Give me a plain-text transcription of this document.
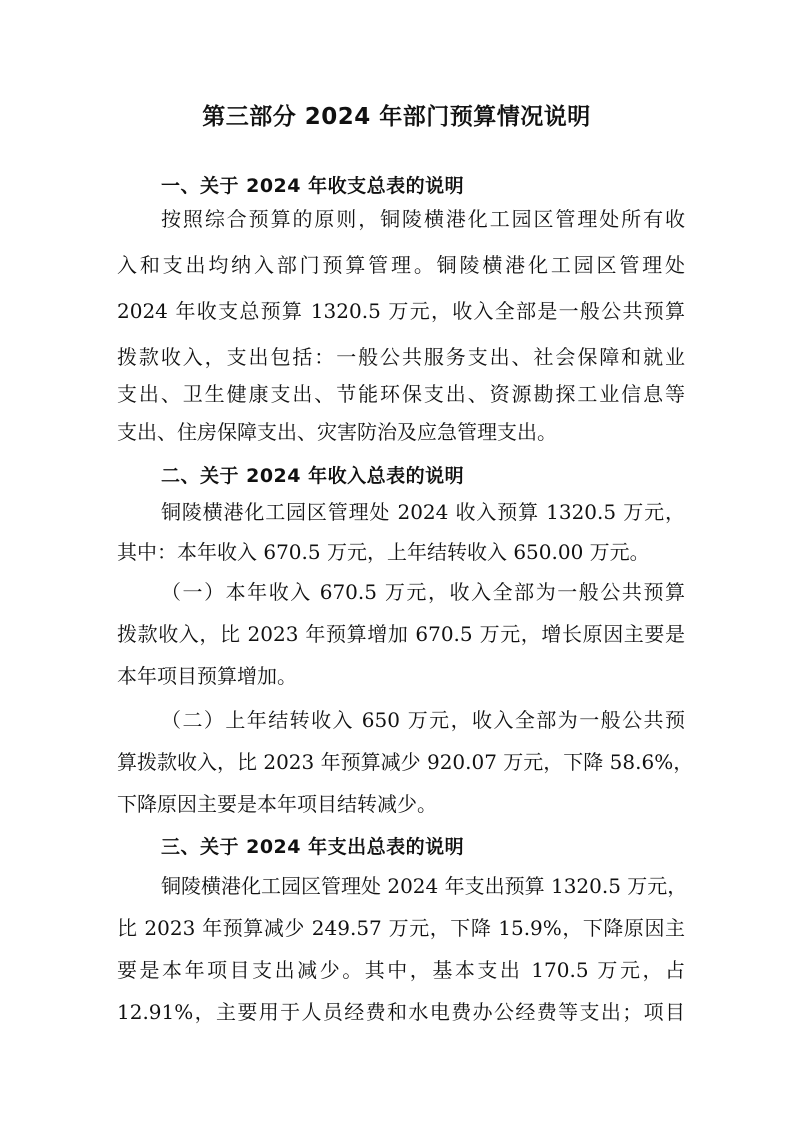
第三部分 2024 年部门预算情况说明
一、关于 2024 年收支总表的说明
按照综合预算的原则，铜陵横港化工园区管理处所有收
入和支出均纳入部门预算管理。铜陵横港化工园区管理处
2024 年收支总预算 1320.5 万元，收入全部是一般公共预算
拨款收入，支出包括：一般公共服务支出、社会保障和就业
支出、卫生健康支出、节能环保支出、资源勘探工业信息等
支出、住房保障支出、灾害防治及应急管理支出。
二、关于 2024 年收入总表的说明
铜陵横港化工园区管理处 2024 收入预算 1320.5 万元，
其中：本年收入 670.5 万元，上年结转收入 650.00 万元。
（一）本年收入 670.5 万元，收入全部为一般公共预算
拨款收入，比 2023 年预算增加 670.5 万元，增长原因主要是
本年项目预算增加。
（二）上年结转收入 650 万元，收入全部为一般公共预
算拨款收入，比 2023 年预算减少 920.07 万元，下降 58.6%，
下降原因主要是本年项目结转减少。
三、关于 2024 年支出总表的说明
铜陵横港化工园区管理处 2024 年支出预算 1320.5 万元，
比 2023 年预算减少 249.57 万元，下降 15.9%，下降原因主
要是本年项目支出减少。其中，基本支出 170.5 万元，占
12.91%，主要用于人员经费和水电费办公经费等支出；项目
